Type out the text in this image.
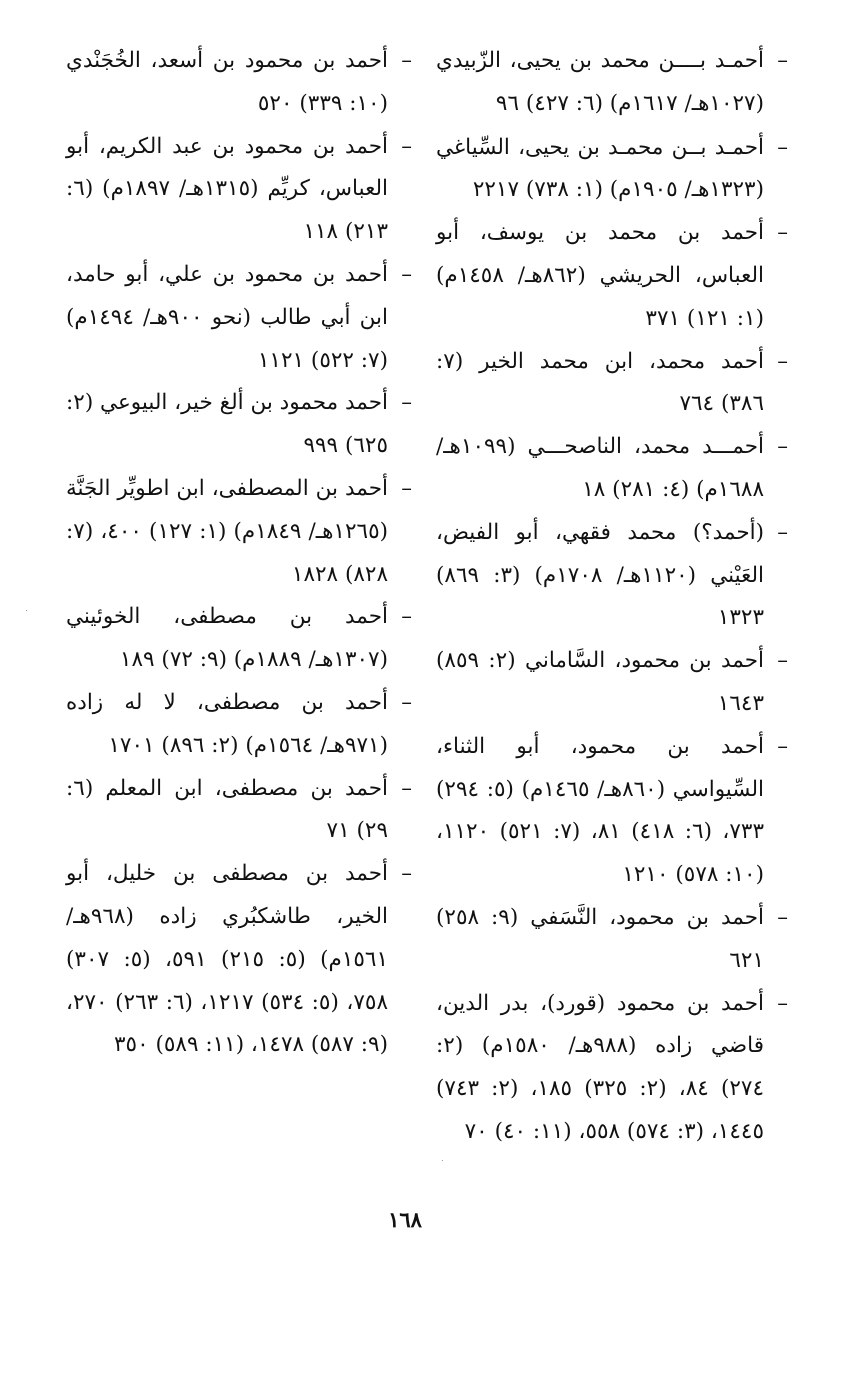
–
أحمـد بــــن محمد بن يحيى، الزّبيدي (١٠٢٧هـ/ ١٦١٧م) (٦: ٤٢٧) ٩٦
–
أحمـد بــن محمـد بن يحيى، السِّياغي (١٣٢٣هـ/ ١٩٠٥م) (١: ٧٣٨) ٢٢١٧
–
أحمد بن محمد بن يوسف، أبو العباس، الحريشي (٨٦٢هـ/ ١٤٥٨م) (١: ١٢١) ٣٧١
–
أحمد محمد، ابن محمد الخير (٧: ٣٨٦) ٧٦٤
–
أحمـــد محمد، الناصحـــي (١٠٩٩هـ/ ١٦٨٨م) (٤: ٢٨١) ١٨
–
(أحمد؟) محمد فقهي، أبو الفيض، العَيْني (١١٢٠هـ/ ١٧٠٨م) (٣: ٨٦٩) ١٣٢٣
–
أحمد بن محمود، السَّاماني (٢: ٨٥٩) ١٦٤٣
–
أحمد بن محمود، أبو الثناء، السِّيواسي (٨٦٠هـ/ ١٤٦٥م) (٥: ٢٩٤) ٧٣٣، (٦: ٤١٨) ٨١، (٧: ٥٢١) ١١٢٠، (١٠: ٥٧٨) ١٢١٠
–
أحمد بن محمود، النَّسَفي (٩: ٢٥٨) ٦٢١
–
أحمد بن محمود (قورد)، بدر الدين، قاضي زاده (٩٨٨هـ/ ١٥٨٠م) (٢: ٢٧٤) ٨٤، (٢: ٣٢٥) ١٨٥، (٢: ٧٤٣) ١٤٤٥، (٣: ٥٧٤) ٥٥٨، (١١: ٤٠) ٧٠
–
أحمد بن محمود بن أسعد، الخُجَنْدي (١٠: ٣٣٩) ٥٢٠
–
أحمد بن محمود بن عبد الكريم، أبو العباس، كريِّم (١٣١٥هـ/ ١٨٩٧م) (٦: ٢١٣) ١١٨
–
أحمد بن محمود بن علي، أبو حامد، ابن أبي طالب (نحو ٩٠٠هـ/ ١٤٩٤م) (٧: ٥٢٢) ١١٢١
–
أحمد محمود بن ألغ خير، البيوعي (٢: ٦٢٥) ٩٩٩
–
أحمد بن المصطفى، ابن اطويِّر الجَنَّة (١٢٦٥هـ/ ١٨٤٩م) (١: ١٢٧) ٤٠٠، (٧: ٨٢٨) ١٨٢٨
–
أحمد بن مصطفى، الخوئيني (١٣٠٧هـ/ ١٨٨٩م) (٩: ٧٢) ١٨٩
–
أحمد بن مصطفى، لا له زاده (٩٧١هـ/ ١٥٦٤م) (٢: ٨٩٦) ١٧٠١
–
أحمد بن مصطفى، ابن المعلم (٦: ٢٩) ٧١
–
أحمد بن مصطفى بن خليل، أبو الخير، طاشكبُري زاده (٩٦٨هـ/ ١٥٦١م) (٥: ٢١٥) ٥٩١، (٥: ٣٠٧) ٧٥٨، (٥: ٥٣٤) ١٢١٧، (٦: ٢٦٣) ٢٧٠، (٩: ٥٨٧) ١٤٧٨، (١١: ٥٨٩) ٣٥٠
١٦٨
